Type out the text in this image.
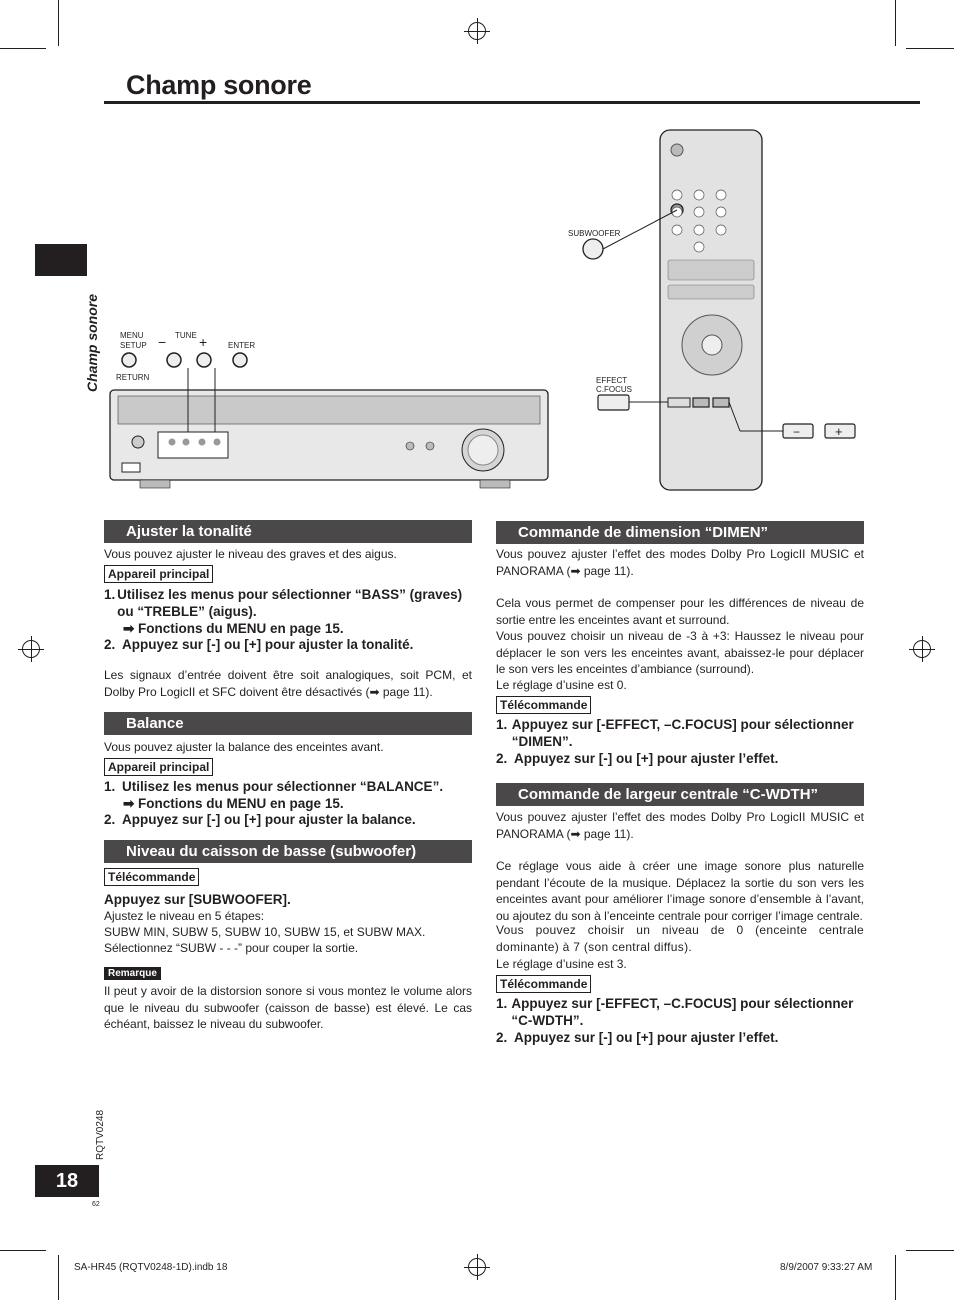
Champ sonore
Champ sonore	MENU
SETUP
RETURN
TUNE
− +	ENTER
SUBWOOFER
EFFECT
C.FOCUS
−	+
Ajuster la tonalité
Vous pouvez ajuster le niveau des graves et des aigus.
Appareil principal
1. Utilisez les menus pour sélectionner “BASS” (graves) ou “TREBLE” (aigus).
➡ Fonctions du MENU en page 15.
2. Appuyez sur [-] ou [+] pour ajuster la tonalité.
Les signaux d’entrée doivent être soit analogiques, soit PCM, et Dolby Pro LogicII et SFC doivent être désactivés (➡ page 11).
Balance
Vous pouvez ajuster la balance des enceintes avant.
Appareil principal
1. Utilisez les menus pour sélectionner “BALANCE”.
➡ Fonctions du MENU en page 15.
2. Appuyez sur [-] ou [+] pour ajuster la balance.
Niveau du caisson de basse (subwoofer)
Télécommande
Appuyez sur [SUBWOOFER].
Ajustez le niveau en 5 étapes:
SUBW MIN, SUBW 5, SUBW 10, SUBW 15, et SUBW MAX.
Sélectionnez “SUBW - - -” pour couper la sortie.
Remarque
Il peut y avoir de la distorsion sonore si vous montez le volume alors que le niveau du subwoofer (caisson de basse) est élevé. Le cas échéant, baissez le niveau du subwoofer.
Commande de dimension “DIMEN”
Vous pouvez ajuster l’effet des modes Dolby Pro LogicII MUSIC et PANORAMA (➡ page 11).
Cela vous permet de compenser pour les différences de niveau de sortie entre les enceintes avant et surround.
Vous pouvez choisir un niveau de -3 à +3: Haussez le niveau pour déplacer le son vers les enceintes avant, abaissez-le pour déplacer le son vers les enceintes d’ambiance (surround).
Le réglage d’usine est 0.
Télécommande
1. Appuyez sur [-EFFECT, –C.FOCUS] pour sélectionner “DIMEN”.
2. Appuyez sur [-] ou [+] pour ajuster l’effet.
Commande de largeur centrale “C-WDTH”
Vous pouvez ajuster l’effet des modes Dolby Pro LogicII MUSIC et PANORAMA (➡ page 11).
Ce réglage vous aide à créer une image sonore plus naturelle pendant l’écoute de la musique. Déplacez la sortie du son vers les enceintes avant pour améliorer l’image sonore d’ensemble à l’avant, ou ajoutez du son à l’enceinte centrale pour corriger l’image centrale.
Vous pouvez choisir un niveau de 0 (enceinte centrale dominante) à 7 (son central diffus).
Le réglage d’usine est 3.
Télécommande
1. Appuyez sur [-EFFECT, –C.FOCUS] pour sélectionner “C-WDTH”.
2. Appuyez sur [-] ou [+] pour ajuster l’effet.
RQTV0248
18
62
SA-HR45 (RQTV0248-1D).indb 18	8/9/2007 9:33:27 AM
